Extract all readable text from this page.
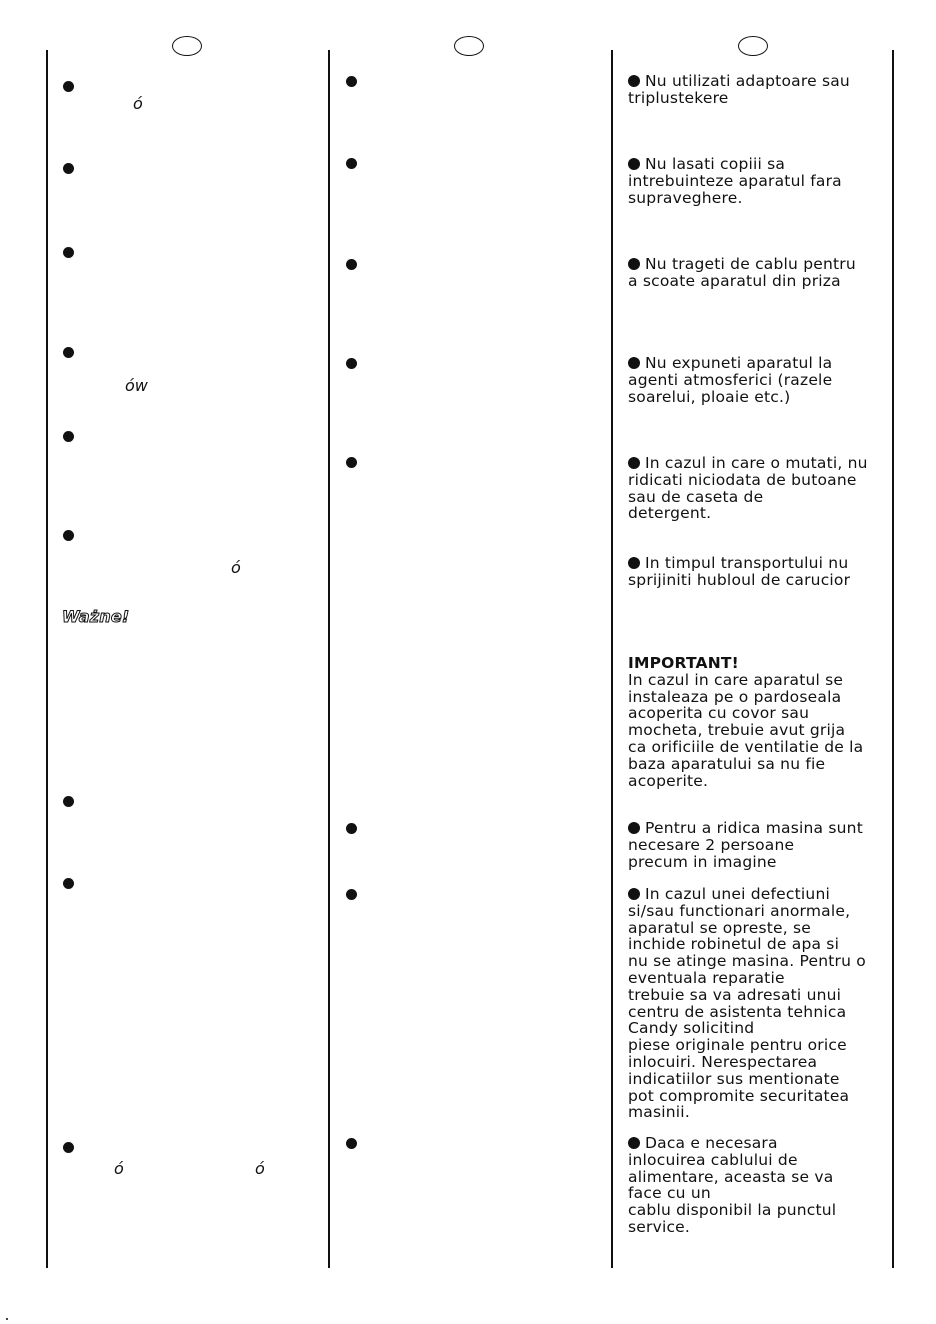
ó
ów
ó
ó	ó
Ważne!
Nu utilizati adaptoare sau
triplustekere
Nu lasati copiii sa
intrebuinteze aparatul fara
supraveghere.
Nu trageti de cablu pentru
a scoate aparatul din priza
Nu expuneti aparatul la
agenti atmosferici (razele
soarelui, ploaie etc.)
In cazul in care o mutati, nu
ridicati niciodata de butoane
sau de caseta de
detergent.
In timpul transportului nu
sprijiniti hubloul de carucior
IMPORTANT!
In cazul in care aparatul se
instaleaza pe o pardoseala
acoperita cu covor sau
mocheta, trebuie avut grija
ca orificiile de ventilatie de la
baza aparatului sa nu fie
acoperite.
Pentru a ridica masina sunt
necesare 2 persoane
precum in imagine
In cazul unei defectiuni
si/sau functionari anormale,
aparatul se opreste, se
inchide robinetul de apa si
nu se atinge masina. Pentru o
eventuala reparatie
trebuie sa va adresati unui
centru de asistenta tehnica
Candy solicitind
piese originale pentru orice
inlocuiri. Nerespectarea
indicatiilor sus mentionate
pot compromite securitatea
masinii.
Daca e necesara
inlocuirea cablului de
alimentare, aceasta se va
face cu un
cablu disponibil la punctul
service.
